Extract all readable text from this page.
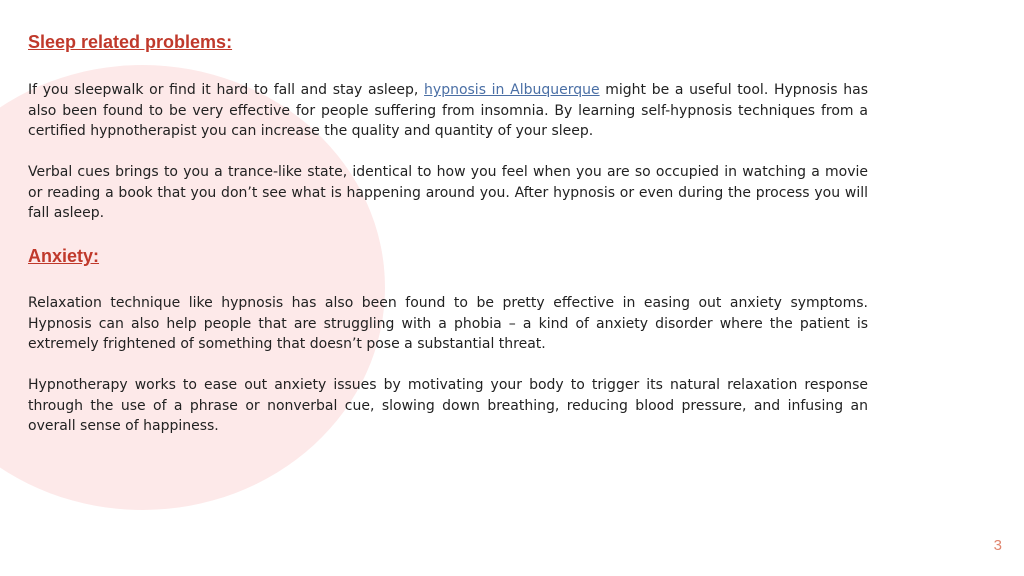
Sleep related problems:

If you sleepwalk or find it hard to fall and stay asleep, hypnosis in Albuquerque might be a useful tool. Hypnosis has also been found to be very effective for people suffering from insomnia. By learning self-hypnosis techniques from a certified hypnotherapist you can increase the quality and quantity of your sleep.

Verbal cues brings to you a trance-like state, identical to how you feel when you are so occupied in watching a movie or reading a book that you don’t see what is happening around you. After hypnosis or even during the process you will fall asleep.

Anxiety:

Relaxation technique like hypnosis has also been found to be pretty effective in easing out anxiety symptoms. Hypnosis can also help people that are struggling with a phobia – a kind of anxiety disorder where the patient is extremely frightened of something that doesn’t pose a substantial threat.

Hypnotherapy works to ease out anxiety issues by motivating your body to trigger its natural relaxation response through the use of a phrase or nonverbal cue, slowing down breathing, reducing blood pressure, and infusing an overall sense of happiness.

3
